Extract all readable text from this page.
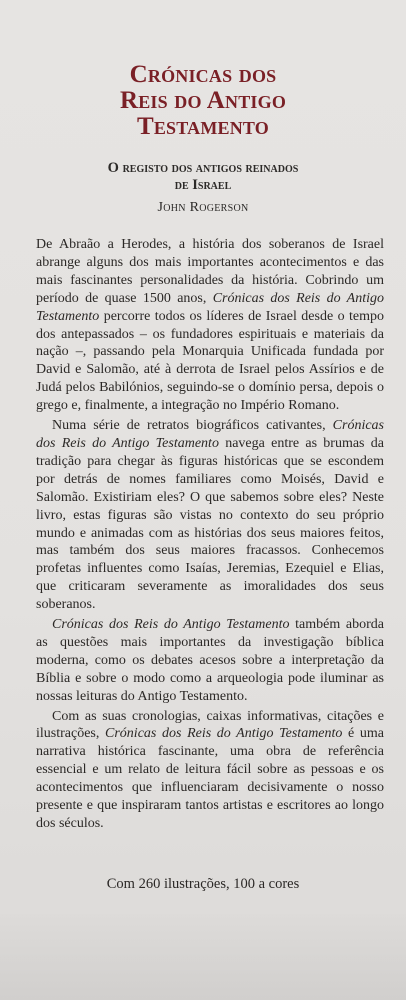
Crónicas dos
Reis do Antigo
Testamento
O registo dos antigos reinados
de Israel
John Rogerson

De Abraão a Herodes, a história dos soberanos de Israel abrange alguns dos mais importantes acontecimentos e das mais fascinantes personalidades da história. Cobrindo um período de quase 1500 anos, Crónicas dos Reis do Antigo Testamento percorre todos os líderes de Israel desde o tempo dos antepassados – os fundadores espirituais e materiais da nação –, passando pela Monarquia Unificada fundada por David e Salomão, até à derrota de Israel pelos Assírios e de Judá pelos Babilónios, seguindo-se o domínio persa, depois o grego e, finalmente, a integração no Império Romano.

Numa série de retratos biográficos cativantes, Crónicas dos Reis do Antigo Testamento navega entre as brumas da tradição para chegar às figuras históricas que se escondem por detrás de nomes familiares como Moisés, David e Salomão. Existiriam eles? O que sabemos sobre eles? Neste livro, estas figuras são vistas no contexto do seu próprio mundo e animadas com as histórias dos seus maiores feitos, mas também dos seus maiores fracassos. Conhecemos profetas influentes como Isaías, Jeremias, Ezequiel e Elias, que criticaram severamente as imoralidades dos seus soberanos.

Crónicas dos Reis do Antigo Testamento também aborda as questões mais importantes da investigação bíblica moderna, como os debates acesos sobre a interpretação da Bíblia e sobre o modo como a arqueologia pode iluminar as nossas leituras do Antigo Testamento.

Com as suas cronologias, caixas informativas, citações e ilustrações, Crónicas dos Reis do Antigo Testamento é uma narrativa histórica fascinante, uma obra de referência essencial e um relato de leitura fácil sobre as pessoas e os acontecimentos que influenciaram decisivamente o nosso presente e que inspiraram tantos artistas e escritores ao longo dos séculos.

Com 260 ilustrações, 100 a cores
